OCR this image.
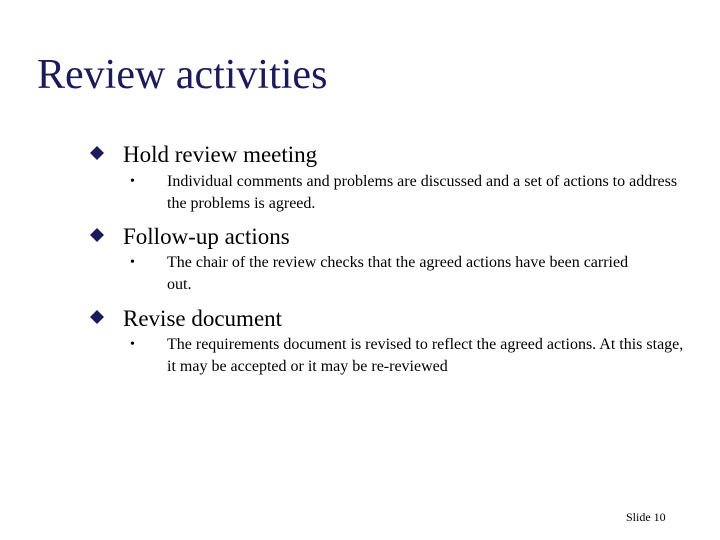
Review activities
Hold review meeting
• Individual comments and problems are discussed and a set of actions to address the problems is agreed.
Follow-up actions
• The chair of the review checks that the agreed actions have been carried out.
Revise document
• The requirements document is revised to reflect the agreed actions. At this stage, it may be accepted or it may be re-reviewed
Slide 10
